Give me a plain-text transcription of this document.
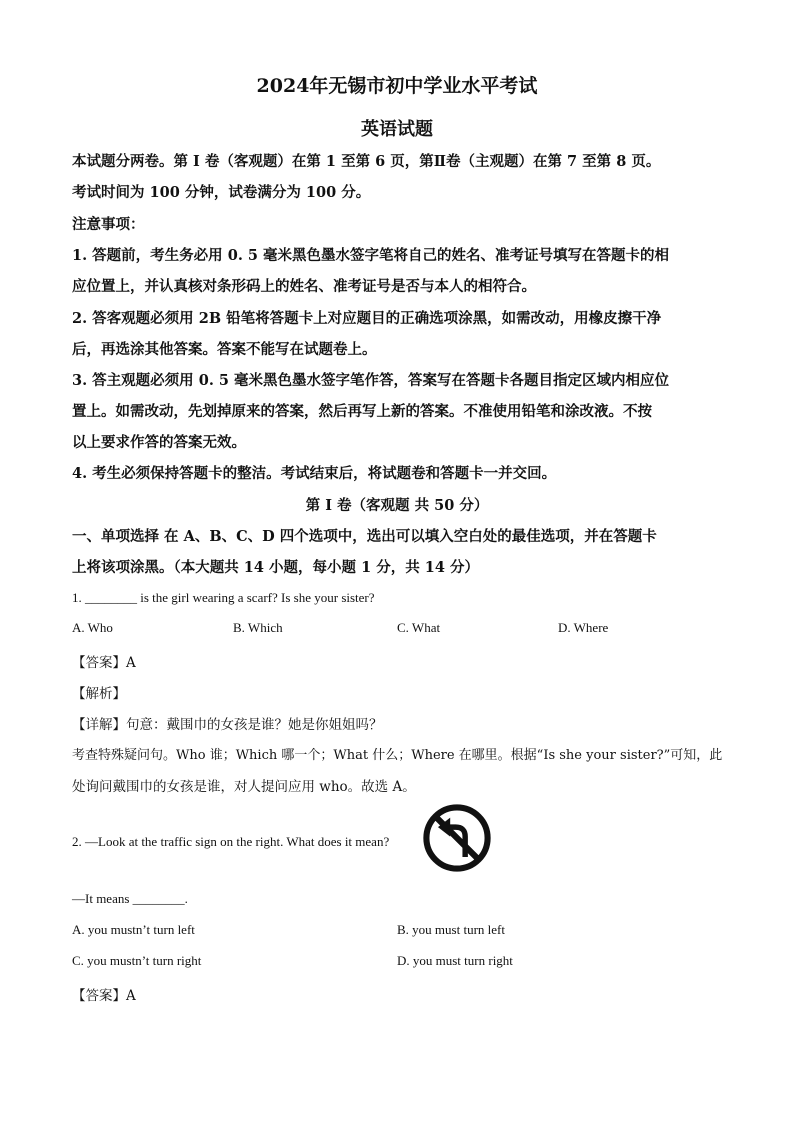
2024年无锡市初中学业水平考试
英语试题
本试题分两卷。第 I 卷（客观题）在第 1 至第 6 页，第Ⅱ卷（主观题）在第 7 至第 8 页。
考试时间为 100 分钟，试卷满分为 100 分。
注意事项：
1. 答题前，考生务必用 0. 5 毫米黑色墨水签字笔将自己的姓名、准考证号填写在答题卡的相
应位置上，并认真核对条形码上的姓名、准考证号是否与本人的相符合。
2. 答客观题必须用 2B 铅笔将答题卡上对应题目的正确选项涂黑，如需改动，用橡皮擦干净
后，再选涂其他答案。答案不能写在试题卷上。
3. 答主观题必须用 0. 5 毫米黑色墨水签字笔作答，答案写在答题卡各题目指定区域内相应位
置上。如需改动，先划掉原来的答案，然后再写上新的答案。不准使用铅笔和涂改液。不按
以上要求作答的答案无效。
4. 考生必须保持答题卡的整洁。考试结束后，将试题卷和答题卡一并交回。
第 I 卷（客观题 共 50 分）
一、单项选择 在 A、B、C、D 四个选项中，选出可以填入空白处的最佳选项，并在答题卡
上将该项涂黑。（本大题共 14 小题，每小题 1 分，共 14 分）
1. ________ is the girl wearing a scarf? Is she your sister?
A. Who	B. Which	C. What	D. Where
【答案】A
【解析】
【详解】句意：戴围巾的女孩是谁？她是你姐姐吗？
考查特殊疑问句。Who 谁；Which 哪一个；What 什么；Where 在哪里。根据“Is she your sister?”可知，此
处询问戴围巾的女孩是谁，对人提问应用 who。故选 A。
2. —Look at the traffic sign on the right. What does it mean?
—It means ________.
A. you mustn’t turn left	B. you must turn left
C. you mustn’t turn right	D. you must turn right
【答案】A
